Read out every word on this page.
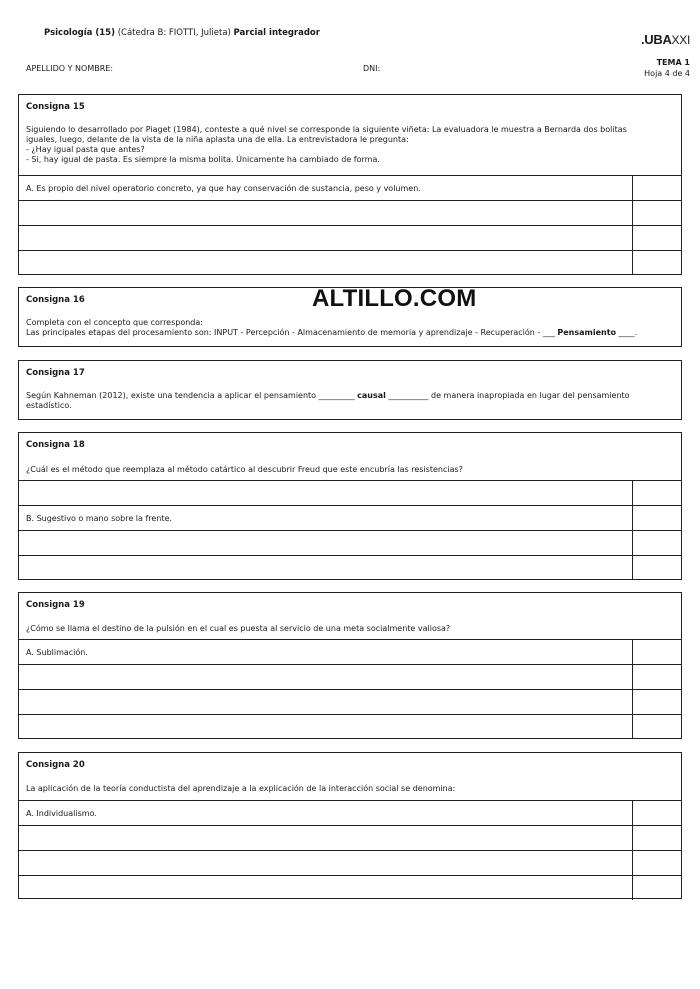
Psicología (15) (Cátedra B: FIOTTI, Julieta) Parcial integrador	.UBAXXI
APELLIDO Y NOMBRE:	DNI:
TEMA 1
Hoja 4 de 4
Consigna 15
Siguiendo lo desarrollado por Piaget (1984), conteste a qué nivel se corresponde la siguiente viñeta: La evaluadora le muestra a Bernarda dos bolitas
iguales, luego, delante de la vista de la niña aplasta una de ella. La entrevistadora le pregunta:
- ¿Hay igual pasta que antes?
- Si, hay igual de pasta. Es siempre la misma bolita. Únicamente ha cambiado de forma.
A. Es propio del nivel operatorio concreto, ya que hay conservación de sustancia, peso y volumen.
Consigna 16
Completa con el concepto que corresponda:
Las principales etapas del procesamiento son: INPUT - Percepción - Almacenamiento de memoria y aprendizaje - Recuperación - ___ Pensamiento ____.
ALTILLO.COM
Consigna 17
Según Kahneman (2012), existe una tendencia a aplicar el pensamiento _________ causal __________ de manera inapropiada en lugar del pensamiento
estadístico.
Consigna 18
¿Cuál es el método que reemplaza al método catártico al descubrir Freud que este encubría las resistencias?
B. Sugestivo o mano sobre la frente.
Consigna 19
¿Cómo se llama el destino de la pulsión en el cual es puesta al servicio de una meta socialmente valiosa?
A. Sublimación.
Consigna 20
La aplicación de la teoría conductista del aprendizaje a la explicación de la interacción social se denomina:
A. Individualismo.
